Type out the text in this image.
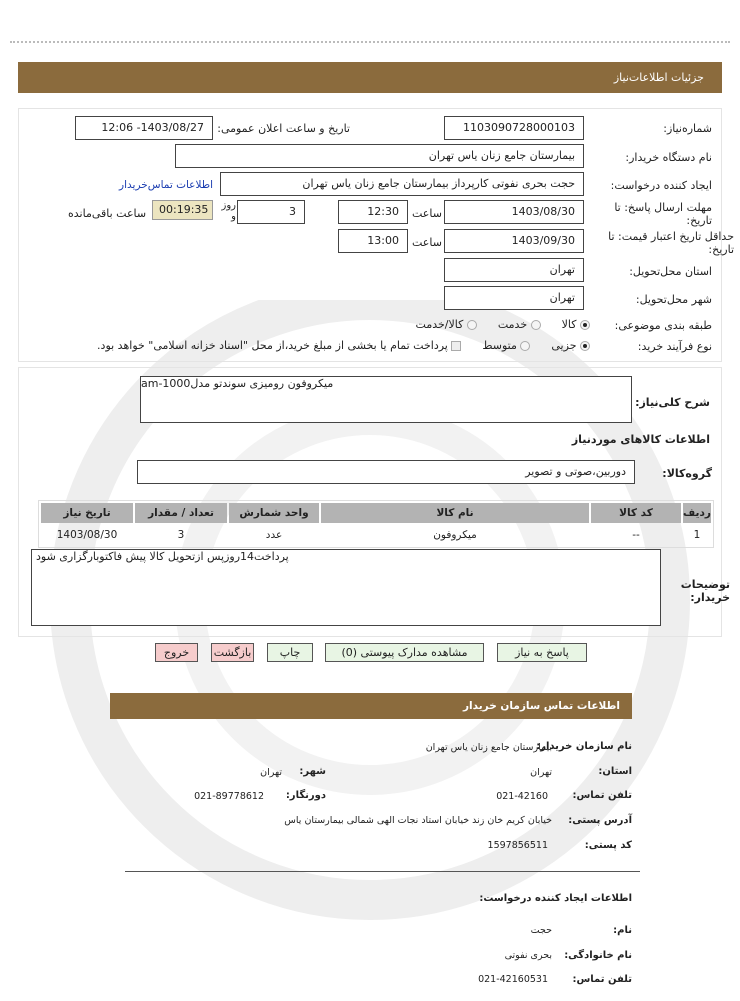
جزئیات اطلاعات‌نیاز
شماره‌نیاز:
1103090728000103
تاریخ و ساعت اعلان عمومی:
1403/08/27- 12:06
نام دستگاه خریدار:
بیمارستان جامع زنان یاس تهران
ایجاد کننده درخواست:
حجت بحری نفوتی کارپرداز بیمارستان جامع زنان یاس تهران
اطلاعات تماس‌خریدار
مهلت ارسال پاسخ: تا تاریخ:
1403/08/30
ساعت
12:30
3
روز و
00:19:35
ساعت باقی‌مانده
حداقل تاریخ اعتبار قیمت: تا تاریخ:
1403/09/30
ساعت
13:00
استان محل‌تحویل:
تهران
شهر محل‌تحویل:
تهران
طبقه بندی موضوعی:
کالا       خدمت       کالا/خدمت
نوع فرآیند خرید:
جزیی       متوسط       پرداخت تمام یا بخشی از مبلغ خرید،از محل "اسناد خزانه اسلامی" خواهد بود.
شرح کلی‌نیاز:
میکروفون رومیزی سوندتو مدلam-1000
اطلاعات کالاهای موردنیاز
گروه‌کالا:
دوربین،صوتی و تصویر
ردیف	کد کالا	نام کالا	واحد شمارش	تعداد / مقدار	تاریخ نیاز
1	--	میکروفون	عدد	3	1403/08/30
پرداخت14روزپس ازتحویل کالا پیش فاکتوبارگزاری شود
توضیحات خریدار:
پاسخ به نیاز
مشاهده مدارک پیوستی (0)
چاپ
بازگشت
خروج
اطلاعات تماس سازمان خریدار
نام سازمان خریدار:
بیمارستان جامع زنان یاس تهران
استان:
تهران
شهر:
تهران
تلفن تماس:
021-42160
دورنگار:
021-89778612
آدرس پستی:
خیابان کریم خان زند خیابان استاد نجات الهی شمالی بیمارستان یاس
کد پستی:
1597856511
اطلاعات ایجاد کننده درخواست:
نام:
حجت
نام خانوادگی:
بحری نفوتی
تلفن تماس:
021-42160531
